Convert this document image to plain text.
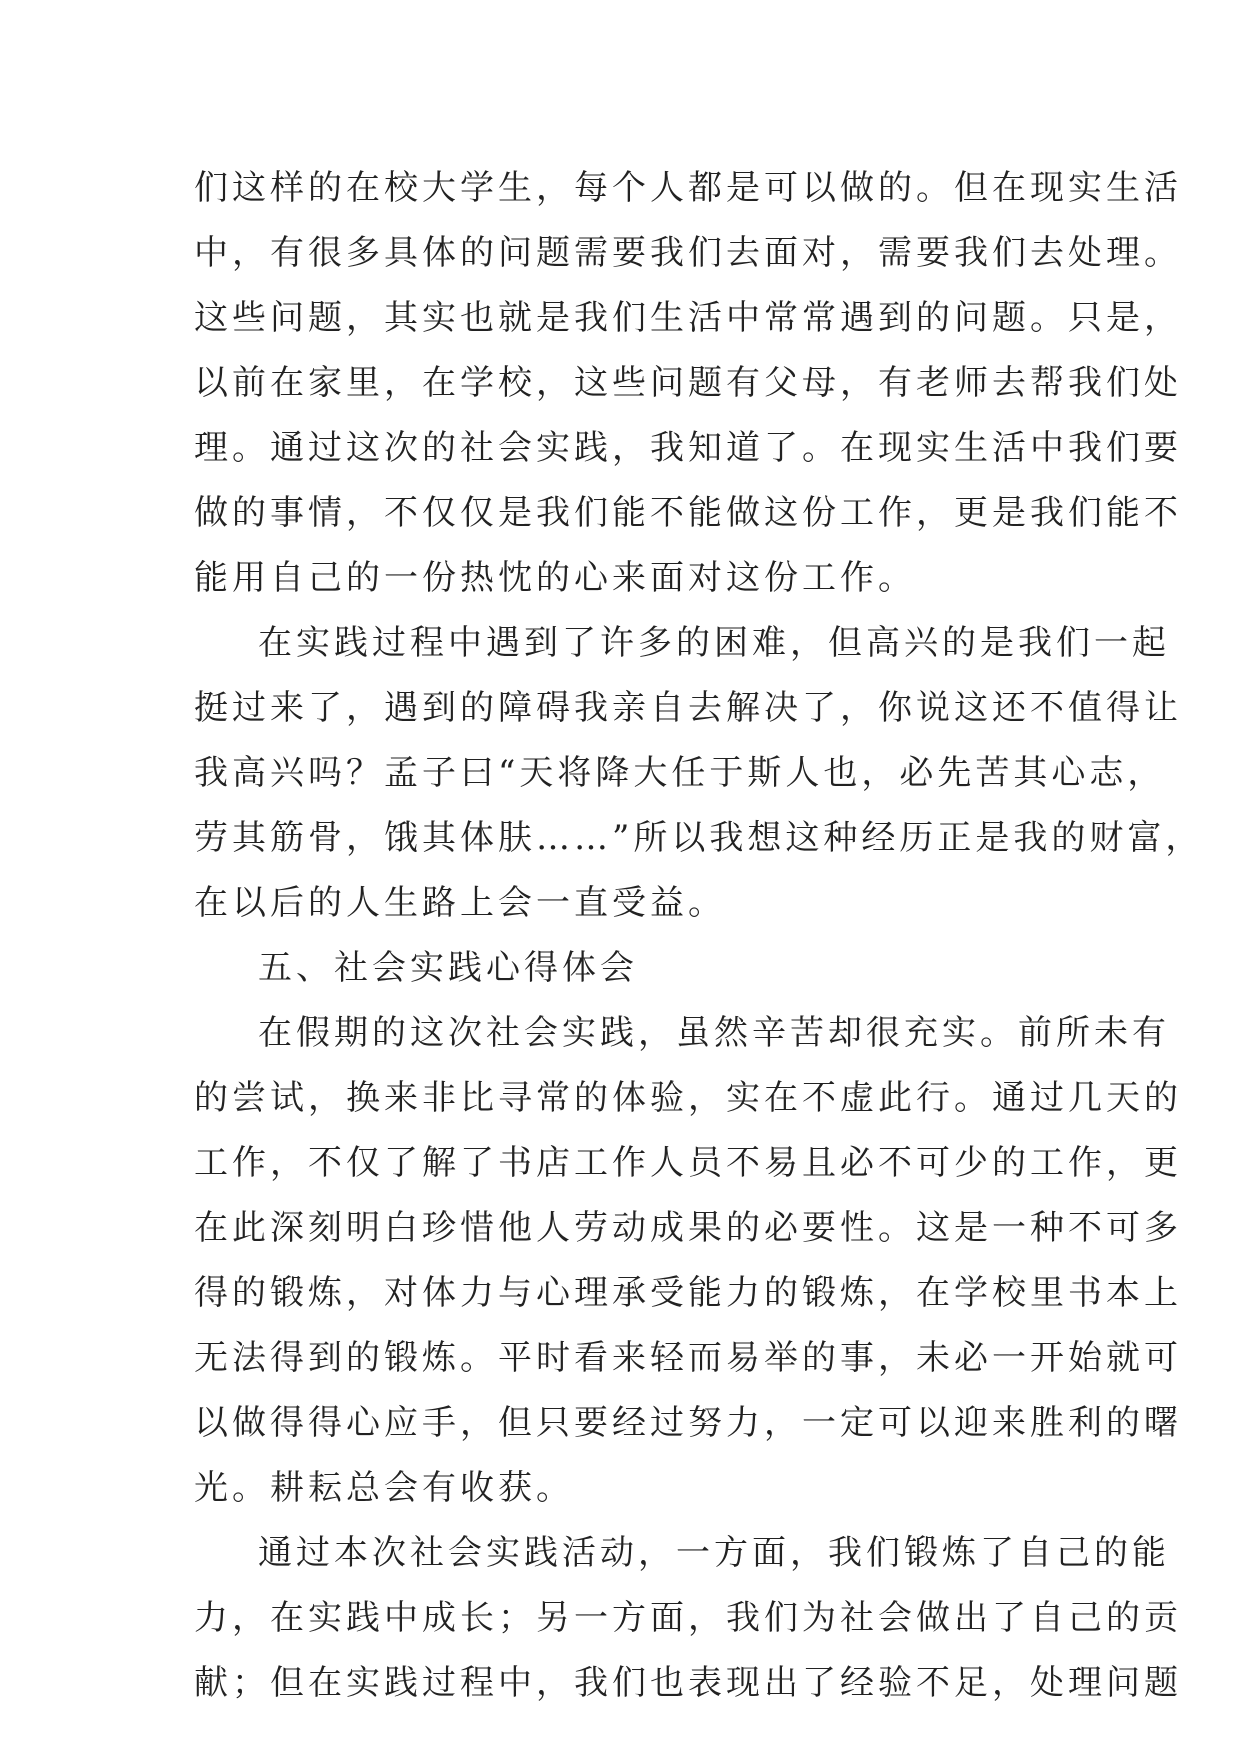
们这样的在校大学生，每个人都是可以做的。但在现实生活
中，有很多具体的问题需要我们去面对，需要我们去处理。
这些问题，其实也就是我们生活中常常遇到的问题。只是，
以前在家里，在学校，这些问题有父母，有老师去帮我们处
理。通过这次的社会实践，我知道了。在现实生活中我们要
做的事情，不仅仅是我们能不能做这份工作，更是我们能不
能用自己的一份热忱的心来面对这份工作。
在实践过程中遇到了许多的困难，但高兴的是我们一起
挺过来了，遇到的障碍我亲自去解决了，你说这还不值得让
我高兴吗？孟子曰“天将降大任于斯人也，必先苦其心志，
劳其筋骨，饿其体肤……”所以我想这种经历正是我的财富，
在以后的人生路上会一直受益。
五、社会实践心得体会
在假期的这次社会实践，虽然辛苦却很充实。前所未有
的尝试，换来非比寻常的体验，实在不虚此行。通过几天的
工作，不仅了解了书店工作人员不易且必不可少的工作，更
在此深刻明白珍惜他人劳动成果的必要性。这是一种不可多
得的锻炼，对体力与心理承受能力的锻炼，在学校里书本上
无法得到的锻炼。平时看来轻而易举的事，未必一开始就可
以做得得心应手，但只要经过努力，一定可以迎来胜利的曙
光。耕耘总会有收获。
通过本次社会实践活动，一方面，我们锻炼了自己的能
力，在实践中成长；另一方面，我们为社会做出了自己的贡
献；但在实践过程中，我们也表现出了经验不足，处理问题
